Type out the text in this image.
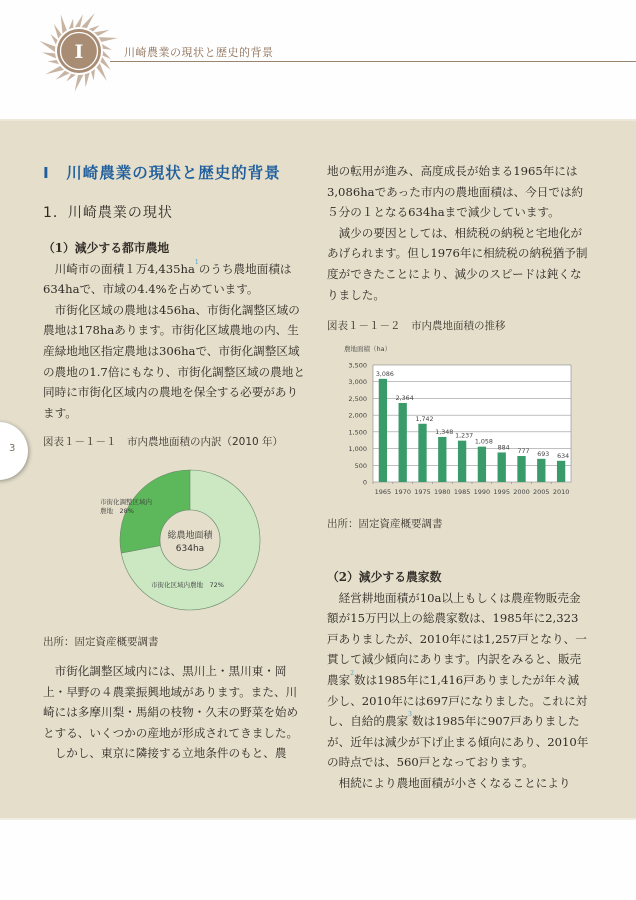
I	川崎農業の現状と歴史的背景
3
Ⅰ　川崎農業の現状と歴史的背景
1．川崎農業の現状

（1）減少する都市農地

川崎市の面積１万4,435ha$^1$のうち農地面積は634haで、市域の4.4%を占めています。

市街化区域の農地は456ha、市街化調整区域の農地は178haあります。市街化区域農地の内、生産緑地地区指定農地は306haで、市街化調整区域の農地の1.7倍にもなり、市街化調整区域の農地と同時に市街化区域内の農地を保全する必要があります。

図表１－１－１　市内農地面積の内訳（2010 年）
総農地面積
634ha
市街化調整区域内
農地　28%
市街化区域内農地　72%
出所：固定資産概要調書

市街化調整区域内には、黒川上・黒川東・岡上・早野の４農業振興地域があります。また、川崎には多摩川梨・馬絹の枝物・久末の野菜を始めとする、いくつかの産地が形成されてきました。

しかし、東京に隣接する立地条件のもと、農

地の転用が進み、高度成長が始まる1965年には3,086haであった市内の農地面積は、今日では約５分の１となる634haまで減少しています。

減少の要因としては、相続税の納税と宅地化があげられます。但し1976年に相続税の納税猶予制度ができたことにより、減少のスピードは鈍くなりました。

図表１－１－２　市内農地面積の推移
農地面積（ha）
0
500
1,000
1,500
2,000
2,500
3,000
3,500
3,086
1965
2,364
1970
1,742
1975
1,348
1980
1,237
1985
1,058
1990
884
1995
777
2000
693
2005
634
2010
出所：固定資産概要調書

（2）減少する農家数

経営耕地面積が10a以上もしくは農産物販売金額が15万円以上の総農家数は、1985年に2,323戸ありましたが、2010年には1,257戸となり、一貫して減少傾向にあります。内訳をみると、販売農家$^2$数は1985年に1,416戸ありましたが年々減少し、2010年には697戸になりました。これに対し、自給的農家$^3$数は1985年に907戸ありましたが、近年は減少が下げ止まる傾向にあり、2010年の時点では、560戸となっております。

相続により農地面積が小さくなることにより
